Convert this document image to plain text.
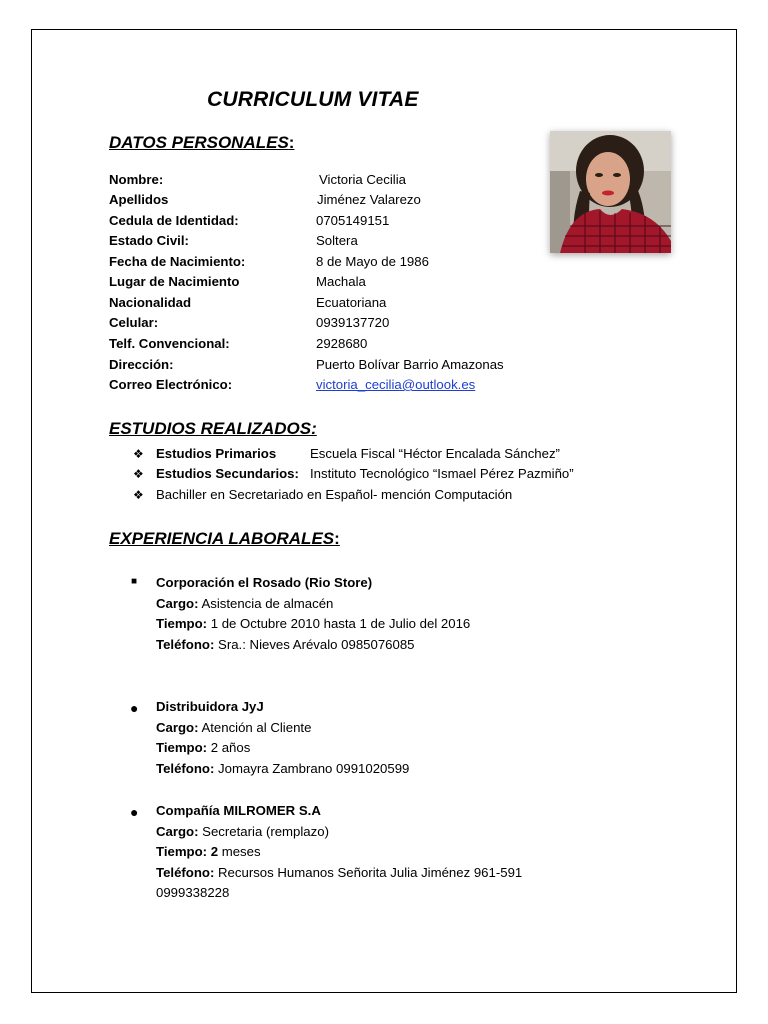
CURRICULUM VITAE
DATOS PERSONALES:
Nombre:	Victoria Cecilia
Apellidos	Jiménez Valarezo
Cedula de Identidad:	0705149151
Estado Civil:	Soltera
Fecha de Nacimiento:	8 de Mayo de 1986
Lugar de Nacimiento	Machala
Nacionalidad	Ecuatoriana
Celular:	0939137720
Telf. Convencional:	2928680
Dirección:	Puerto Bolívar Barrio Amazonas
Correo Electrónico:	victoria_cecilia@outlook.es
ESTUDIOS REALIZADOS:
❖ Estudios Primarios	Escuela Fiscal “Héctor Encalada Sánchez”
❖ Estudios Secundarios: Instituto Tecnológico “Ismael Pérez Pazmiño”
❖ Bachiller en Secretariado en Español- mención Computación
EXPERIENCIA LABORALES:
■ Corporación el Rosado (Rio Store)
Cargo: Asistencia de almacén
Tiempo: 1 de Octubre 2010 hasta 1 de Julio del 2016
Teléfono: Sra.: Nieves Arévalo 0985076085
● Distribuidora JyJ
Cargo: Atención al Cliente
Tiempo: 2 años
Teléfono: Jomayra Zambrano 0991020599
● Compañía MILROMER S.A
Cargo: Secretaria (remplazo)
Tiempo: 2 meses
Teléfono: Recursos Humanos Señorita Julia Jiménez 961-591
0999338228
